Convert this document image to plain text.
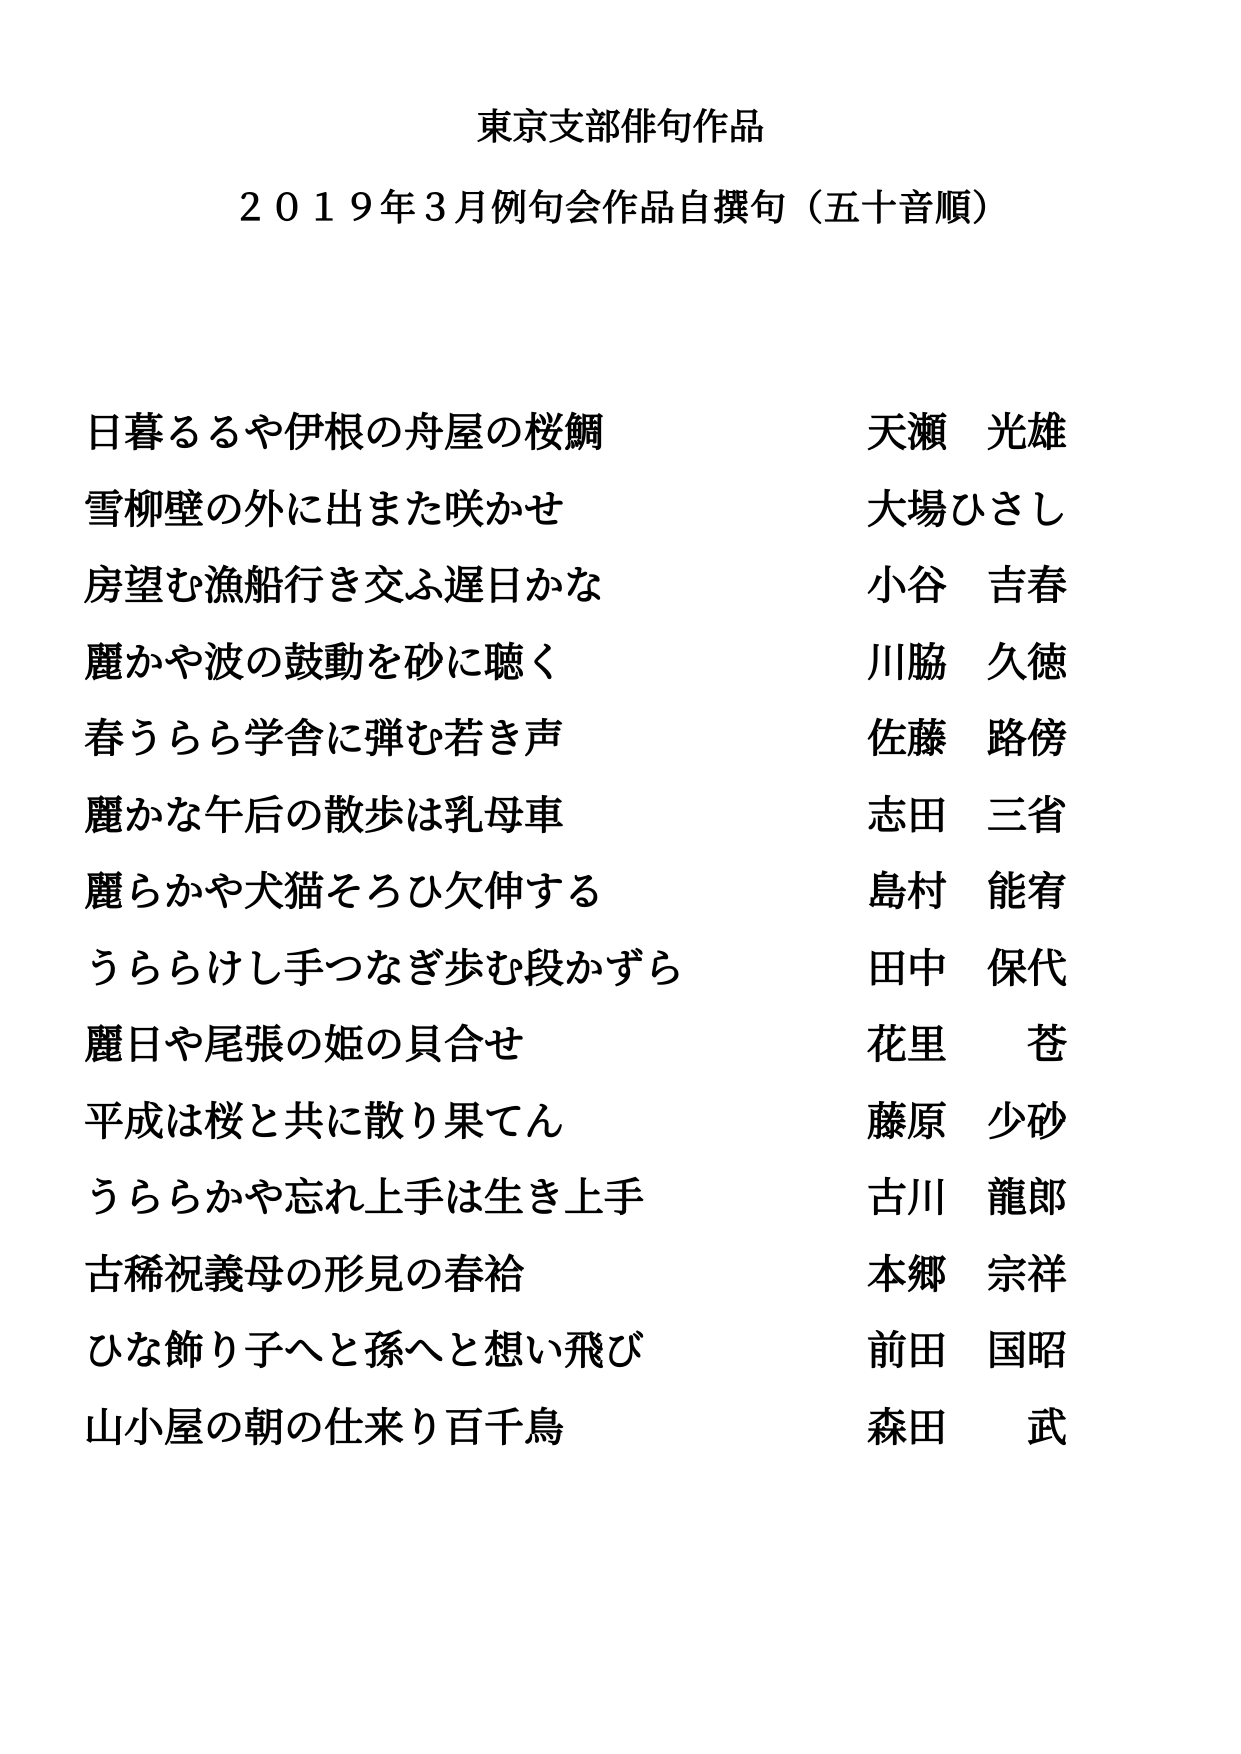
東京支部俳句作品
２０１９年３月例句会作品自撰句（五十音順）
日暮るるや伊根の舟屋の桜鯛	天瀬　光雄
雪柳壁の外に出また咲かせ	大場ひさし
房望む漁船行き交ふ遅日かな	小谷　吉春
麗かや波の鼓動を砂に聴く	川脇　久徳
春うらら学舎に弾む若き声	佐藤　路傍
麗かな午后の散歩は乳母車	志田　三省
麗らかや犬猫そろひ欠伸する	島村　能宥
うららけし手つなぎ歩む段かずら	田中　保代
麗日や尾張の姫の貝合せ	花里　　苍
平成は桜と共に散り果てん	藤原　少砂
うららかや忘れ上手は生き上手	古川　龍郎
古稀祝義母の形見の春袷	本郷　宗祥
ひな飾り子へと孫へと想い飛び	前田　国昭
山小屋の朝の仕来り百千鳥	森田　　武
